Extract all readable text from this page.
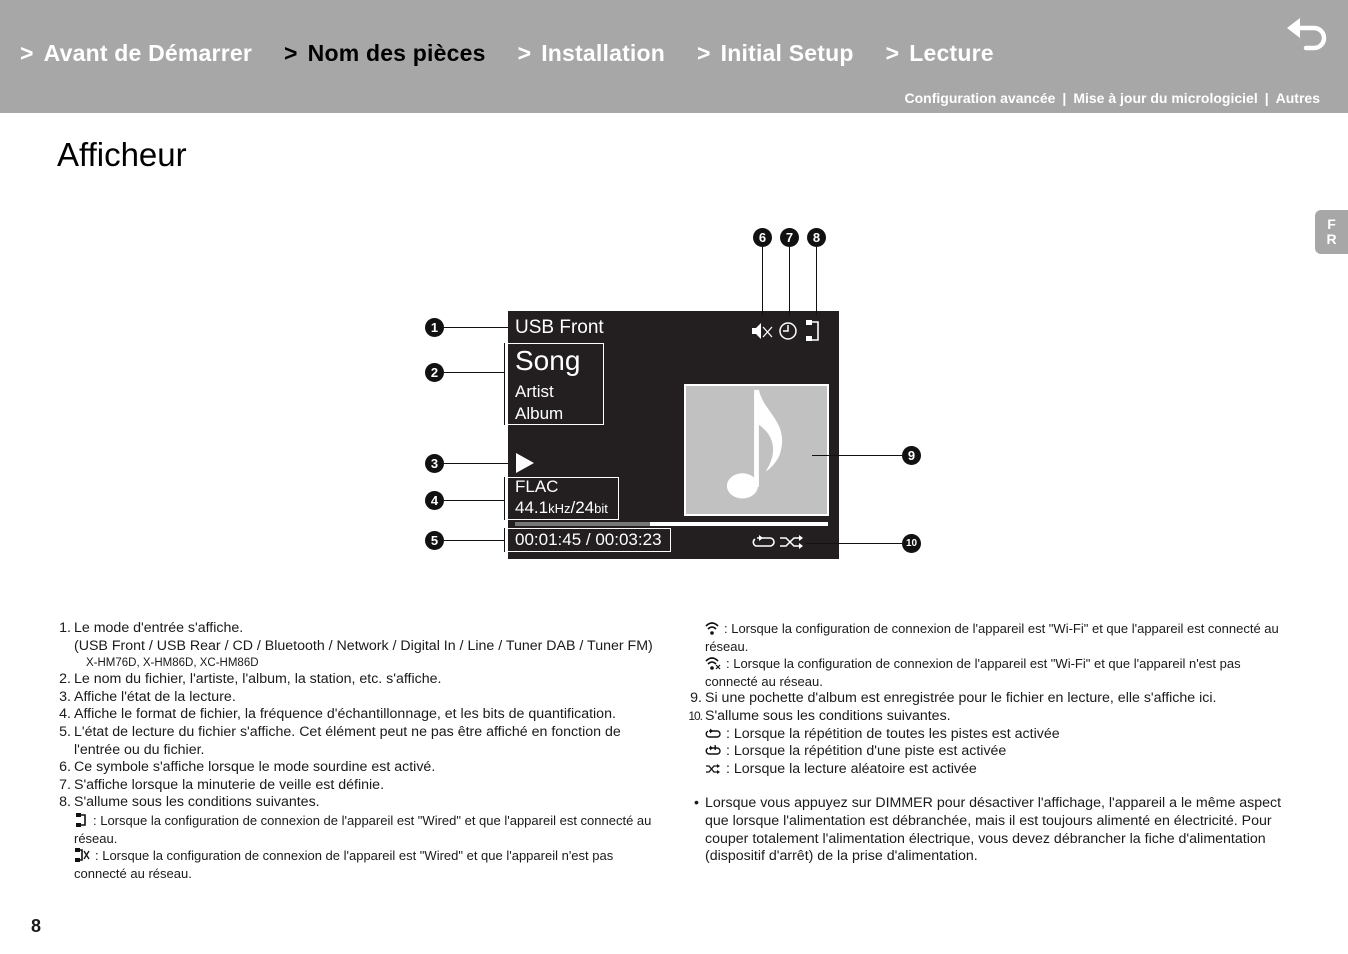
> Avant de Démarrer > Nom des pièces > Installation > Initial Setup > Lecture
Configuration avancée | Mise à jour du micrologiciel | Autres
Afficheur
F
R
USB Front
Song
Artist
Album
FLAC
44.1kHz/24bit
00:01:45 / 00:03:23
1
2
3
4
5
6	7	8
9
10
1. Le mode d'entrée s'affiche.
(USB Front / USB Rear / CD / Bluetooth / Network / Digital In / Line / Tuner DAB / Tuner FM)
X-HM76D, X-HM86D, XC-HM86D
2. Le nom du fichier, l'artiste, l'album, la station, etc. s'affiche.
3. Affiche l'état de la lecture.
4. Affiche le format de fichier, la fréquence d'échantillonnage, et les bits de quantification.
5. L'état de lecture du fichier s'affiche. Cet élément peut ne pas être affiché en fonction de l'entrée ou du fichier.
6. Ce symbole s'affiche lorsque le mode sourdine est activé.
7. S'affiche lorsque la minuterie de veille est définie.
8. S'allume sous les conditions suivantes.
: Lorsque la configuration de connexion de l'appareil est "Wired" et que l'appareil est connecté au réseau.
: Lorsque la configuration de connexion de l'appareil est "Wired" et que l'appareil n'est pas connecté au réseau.
: Lorsque la configuration de connexion de l'appareil est "Wi-Fi" et que l'appareil est connecté au réseau.
: Lorsque la configuration de connexion de l'appareil est "Wi-Fi" et que l'appareil n'est pas connecté au réseau.
9. Si une pochette d'album est enregistrée pour le fichier en lecture, elle s'affiche ici.
10. S'allume sous les conditions suivantes.
: Lorsque la répétition de toutes les pistes est activée
: Lorsque la répétition d'une piste est activée
: Lorsque la lecture aléatoire est activée
• Lorsque vous appuyez sur DIMMER pour désactiver l'affichage, l'appareil a le même aspect que lorsque l'alimentation est débranchée, mais il est toujours alimenté en électricité. Pour couper totalement l'alimentation électrique, vous devez débrancher la fiche d'alimentation (dispositif d'arrêt) de la prise d'alimentation.
8
